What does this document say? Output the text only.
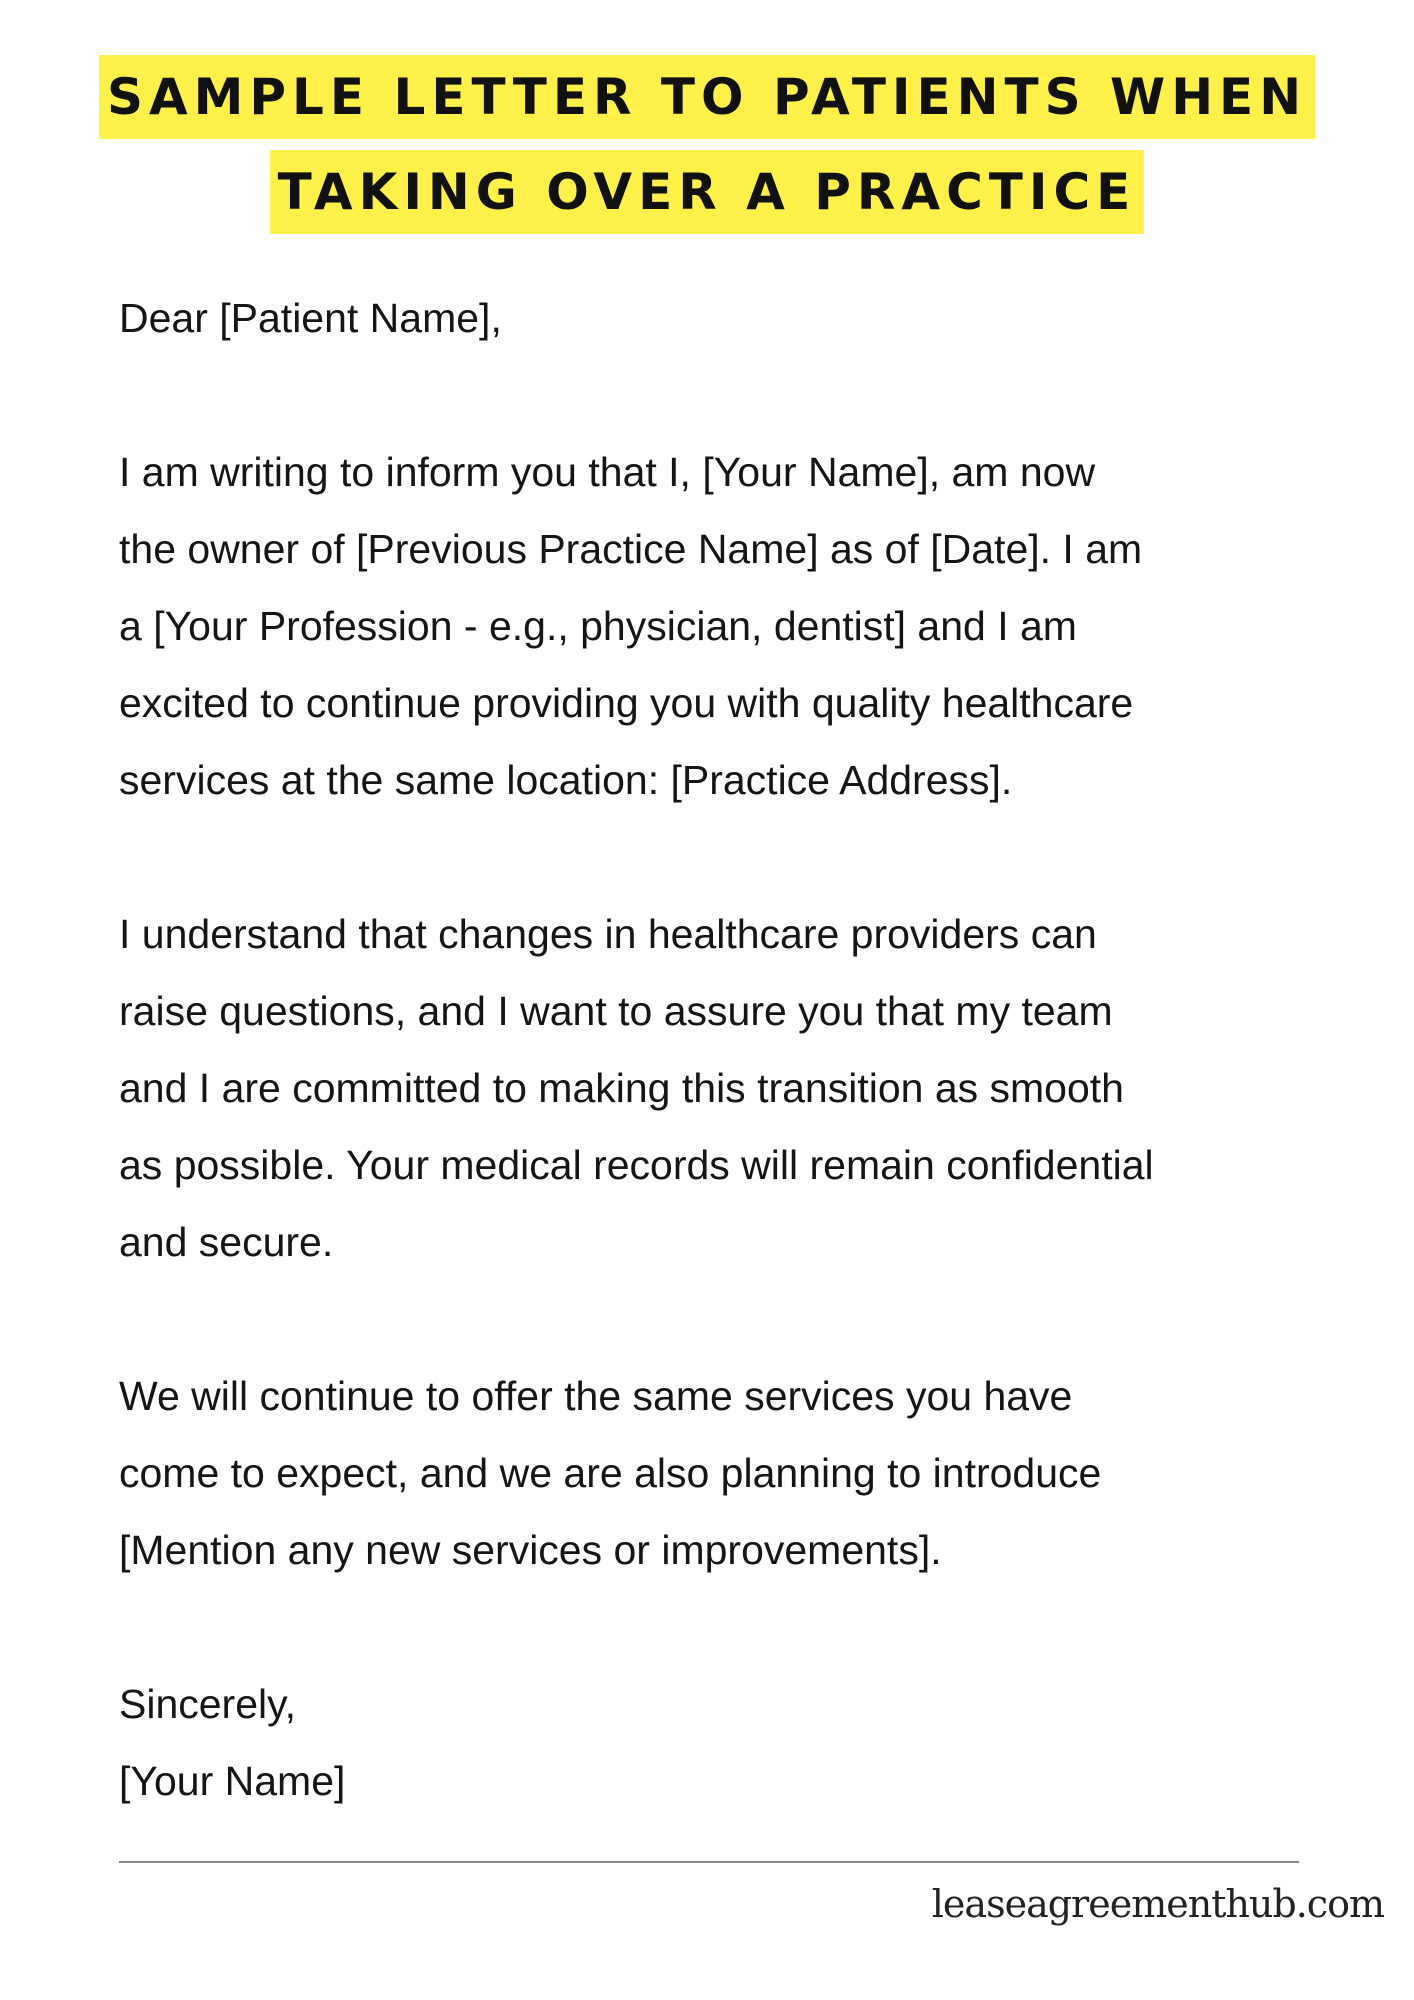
SAMPLE LETTER TO PATIENTS WHEN
TAKING OVER A PRACTICE

Dear [Patient Name],

I am writing to inform you that I, [Your Name], am now

the owner of [Previous Practice Name] as of [Date]. I am

a [Your Profession - e.g., physician, dentist] and I am

excited to continue providing you with quality healthcare

services at the same location: [Practice Address].

I understand that changes in healthcare providers can

raise questions, and I want to assure you that my team

and I are committed to making this transition as smooth

as possible. Your medical records will remain confidential

and secure.

We will continue to offer the same services you have

come to expect, and we are also planning to introduce

[Mention any new services or improvements].

Sincerely,

[Your Name]

leaseagreementhub.com
